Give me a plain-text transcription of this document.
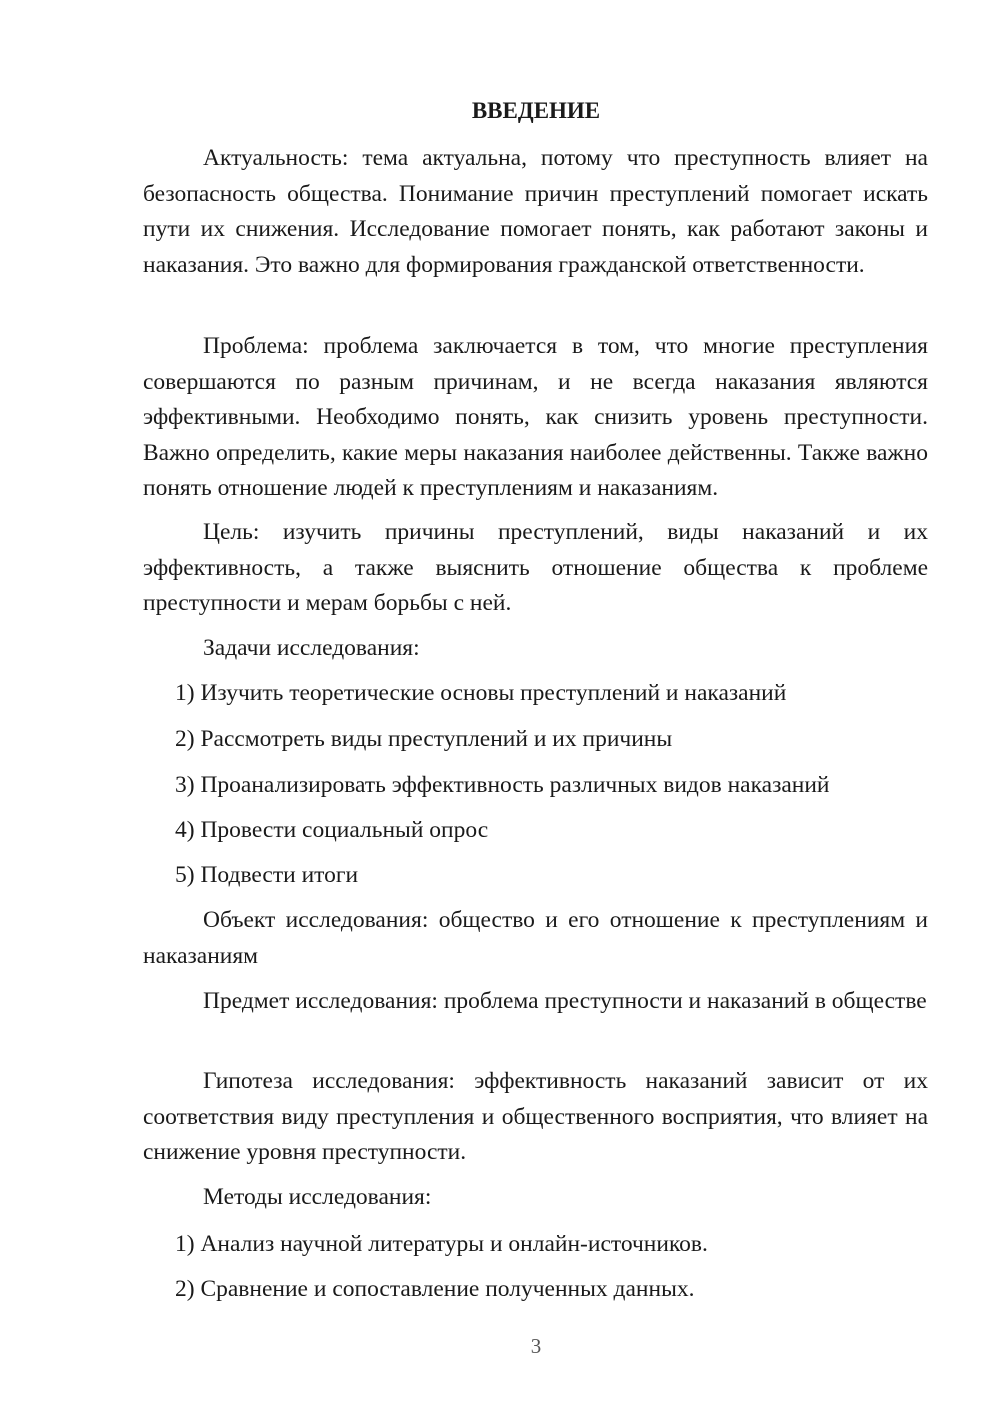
ВВЕДЕНИЕ

Актуальность: тема актуальна, потому что преступность влияет на безопасность общества. Понимание причин преступлений помогает искать пути их снижения. Исследование помогает понять, как работают законы и наказания. Это важно для формирования гражданской ответственности.

Проблема: проблема заключается в том, что многие преступления совершаются по разным причинам, и не всегда наказания являются эффективными. Необходимо понять, как снизить уровень преступности. Важно определить, какие меры наказания наиболее действенны. Также важно понять отношение людей к преступлениям и наказаниям.

Цель: изучить причины преступлений, виды наказаний и их эффективность, а также выяснить отношение общества к проблеме преступности и мерам борьбы с ней.

Задачи исследования:

1) Изучить теоретические основы преступлений и наказаний

2) Рассмотреть виды преступлений и их причины

3) Проанализировать эффективность различных видов наказаний

4) Провести социальный опрос

5) Подвести итоги

Объект исследования: общество и его отношение к преступлениям и наказаниям

Предмет исследования: проблема преступности и наказаний в обществе

Гипотеза исследования: эффективность наказаний зависит от их соответствия виду преступления и общественного восприятия, что влияет на снижение уровня преступности.

Методы исследования:

1) Анализ научной литературы и онлайн-источников.

2) Сравнение и сопоставление полученных данных.

3
